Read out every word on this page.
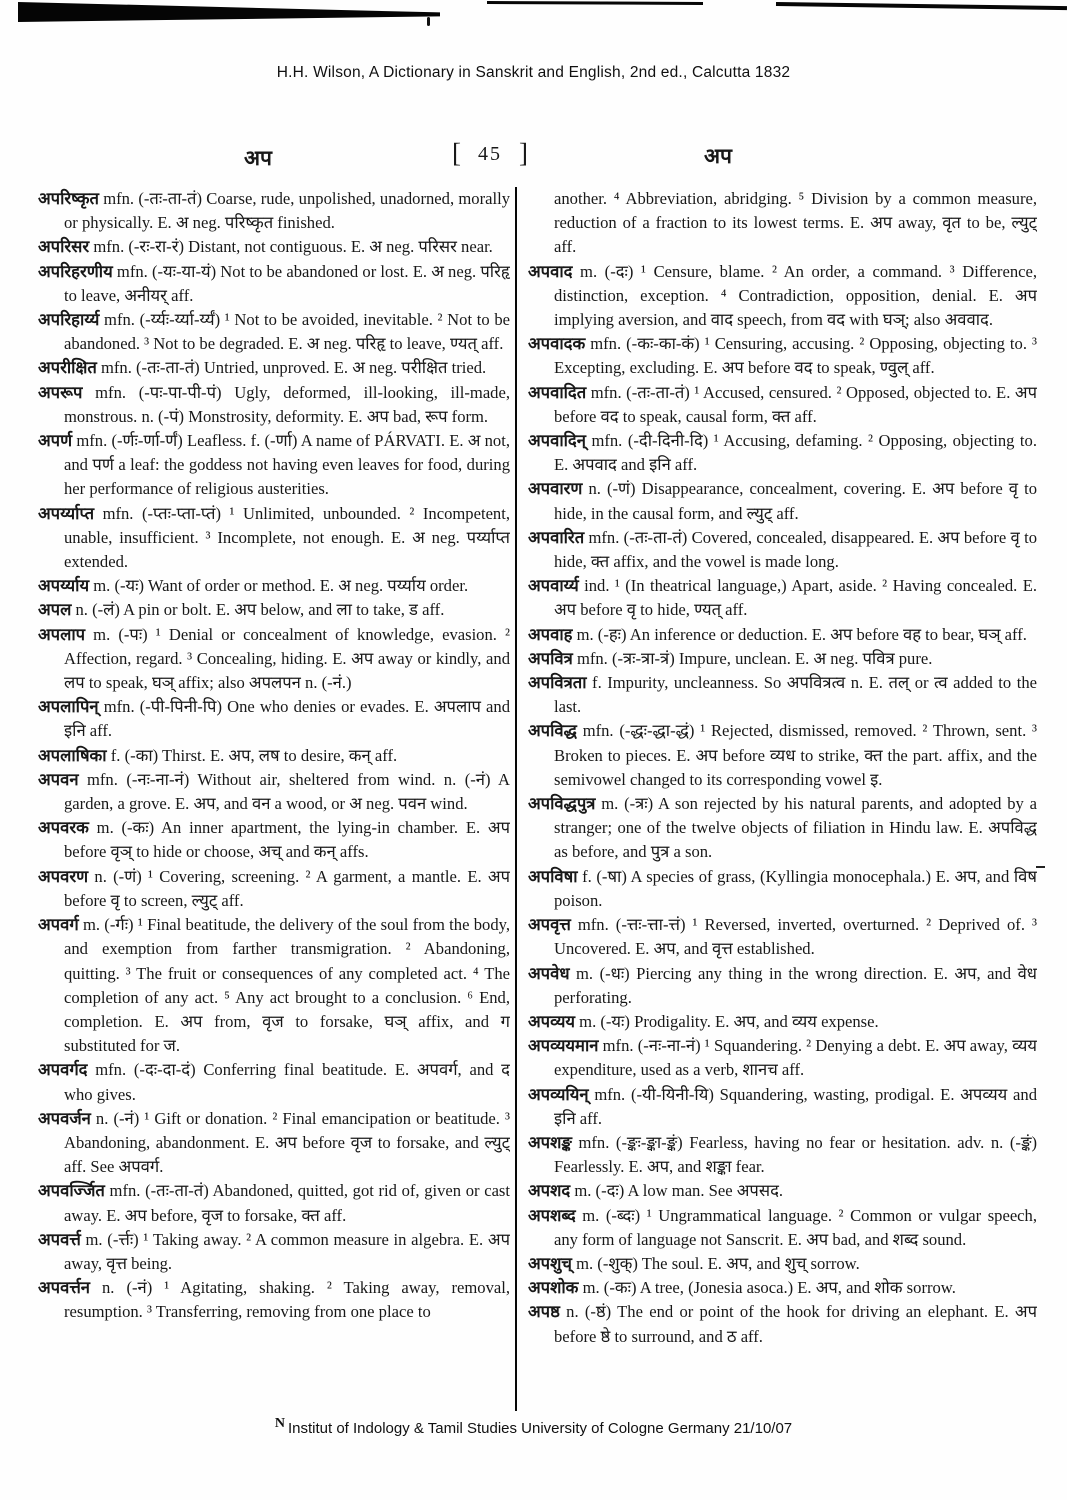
H.H. Wilson, A Dictionary in Sanskrit and English, 2nd ed., Calcutta 1832
अप	[ 45 ]	अप

अपरिष्कृत mfn. (-तः-ता-तं) Coarse, rude, unpolished, unadorned, morally or physically. E. अ neg. परिष्कृत finished.

अपरिसर mfn. (-रः-रा-रं) Distant, not contiguous. E. अ neg. परिसर near.

अपरिहरणीय mfn. (-यः-या-यं) Not to be abandoned or lost. E. अ neg. परिहृ to leave, अनीयर् aff.

अपरिहार्य्य mfn. (-र्य्यः-र्य्या-र्य्यं) ¹ Not to be avoided, inevitable. ² Not to be abandoned. ³ Not to be degraded. E. अ neg. परिहृ to leave, ण्यत् aff.

अपरीक्षित mfn. (-तः-ता-तं) Untried, unproved. E. अ neg. परीक्षित tried.

अपरूप mfn. (-पः-पा-पी-पं) Ugly, deformed, ill-looking, ill-made, monstrous. n. (-पं) Monstrosity, deformity. E. अप bad, रूप form.

अपर्ण mfn. (-र्णः-र्णा-र्णं) Leafless. f. (-र्णा) A name of PÁRVATI. E. अ not, and पर्ण a leaf: the goddess not having even leaves for food, during her performance of religious austerities.

अपर्य्याप्त mfn. (-प्तः-प्ता-प्तं) ¹ Unlimited, unbounded. ² Incompetent, unable, insufficient. ³ Incomplete, not enough. E. अ neg. पर्य्याप्त extended.

अपर्य्याय m. (-यः) Want of order or method. E. अ neg. पर्य्याय order.

अपल n. (-लं) A pin or bolt. E. अप below, and ला to take, ड aff.

अपलाप m. (-पः) ¹ Denial or concealment of knowledge, evasion. ² Affection, regard. ³ Concealing, hiding. E. अप away or kindly, and लप to speak, घञ् affix; also अपलपन n. (-नं.)

अपलापिन् mfn. (-पी-पिनी-पि) One who denies or evades. E. अपलाप and इनि aff.

अपलाषिका f. (-का) Thirst. E. अप, लष to desire, कन् aff.

अपवन mfn. (-नः-ना-नं) Without air, sheltered from wind. n. (-नं) A garden, a grove. E. अप, and वन a wood, or अ neg. पवन wind.

अपवरक m. (-कः) An inner apartment, the lying-in chamber. E. अप before वृञ् to hide or choose, अच् and कन् affs.

अपवरण n. (-णं) ¹ Covering, screening. ² A garment, a mantle. E. अप before वृ to screen, ल्युट् aff.

अपवर्ग m. (-र्गः) ¹ Final beatitude, the delivery of the soul from the body, and exemption from farther transmigration. ² Abandoning, quitting. ³ The fruit or consequences of any completed act. ⁴ The completion of any act. ⁵ Any act brought to a conclusion. ⁶ End, completion. E. अप from, वृज to forsake, घञ् affix, and ग substituted for ज.

अपवर्गद mfn. (-दः-दा-दं) Conferring final beatitude. E. अपवर्ग, and द who gives.

अपवर्जन n. (-नं) ¹ Gift or donation. ² Final emancipation or beatitude. ³ Abandoning, abandonment. E. अप before वृज to forsake, and ल्युट् aff. See अपवर्ग.

अपवर्ज्जित mfn. (-तः-ता-तं) Abandoned, quitted, got rid of, given or cast away. E. अप before, वृज to forsake, क्त aff.

अपवर्त्त m. (-र्त्तः) ¹ Taking away. ² A common measure in algebra. E. अप away, वृत्त being.

अपवर्त्तन n. (-नं) ¹ Agitating, shaking. ² Taking away, removal, resumption. ³ Transferring, removing from one place to

another. ⁴ Abbreviation, abridging. ⁵ Division by a common measure, reduction of a fraction to its lowest terms. E. अप away, वृत to be, ल्युट् aff.

अपवाद m. (-दः) ¹ Censure, blame. ² An order, a command. ³ Difference, distinction, exception. ⁴ Contradiction, opposition, denial. E. अप implying aversion, and वाद speech, from वद with घञ्; also अववाद.

अपवादक mfn. (-कः-का-कं) ¹ Censuring, accusing. ² Opposing, objecting to. ³ Excepting, excluding. E. अप before वद to speak, ण्वुल् aff.

अपवादित mfn. (-तः-ता-तं) ¹ Accused, censured. ² Opposed, objected to. E. अप before वद to speak, causal form, क्त aff.

अपवादिन् mfn. (-दी-दिनी-दि) ¹ Accusing, defaming. ² Opposing, objecting to. E. अपवाद and इनि aff.

अपवारण n. (-णं) Disappearance, concealment, covering. E. अप before वृ to hide, in the causal form, and ल्युट् aff.

अपवारित mfn. (-तः-ता-तं) Covered, concealed, disappeared. E. अप before वृ to hide, क्त affix, and the vowel is made long.

अपवार्य्य ind. ¹ (In theatrical language,) Apart, aside. ² Having concealed. E. अप before वृ to hide, ण्यत् aff.

अपवाह m. (-हः) An inference or deduction. E. अप before वह to bear, घञ् aff.

अपवित्र mfn. (-त्रः-त्रा-त्रं) Impure, unclean. E. अ neg. पवित्र pure.

अपवित्रता f. Impurity, uncleanness. So अपवित्रत्व n. E. तल् or त्व added to the last.

अपविद्ध mfn. (-द्धः-द्धा-द्धं) ¹ Rejected, dismissed, removed. ² Thrown, sent. ³ Broken to pieces. E. अप before व्यध to strike, क्त the part. affix, and the semivowel changed to its corresponding vowel इ.

अपविद्धपुत्र m. (-त्रः) A son rejected by his natural parents, and adopted by a stranger; one of the twelve objects of filiation in Hindu law. E. अपविद्ध as before, and पुत्र a son.

अपविषा f. (-षा) A species of grass, (Kyllingia monocephala.) E. अप, and विष poison.

अपवृत्त mfn. (-त्तः-त्ता-त्तं) ¹ Reversed, inverted, overturned. ² Deprived of. ³ Uncovered. E. अप, and वृत्त established.

अपवेध m. (-धः) Piercing any thing in the wrong direction. E. अप, and वेध perforating.

अपव्यय m. (-यः) Prodigality. E. अप, and व्यय expense.

अपव्ययमान mfn. (-नः-ना-नं) ¹ Squandering. ² Denying a debt. E. अप away, व्यय expenditure, used as a verb, शानच aff.

अपव्ययिन् mfn. (-यी-यिनी-यि) Squandering, wasting, prodigal. E. अपव्यय and इनि aff.

अपशङ्क mfn. (-ङ्कः-ङ्का-ङ्कं) Fearless, having no fear or hesitation. adv. n. (-ङ्कं) Fearlessly. E. अप, and शङ्का fear.

अपशद m. (-दः) A low man. See अपसद.

अपशब्द m. (-ब्दः) ¹ Ungrammatical language. ² Common or vulgar speech, any form of language not Sanscrit. E. अप bad, and शब्द sound.

अपशुच् m. (-शुक्) The soul. E. अप, and शुच् sorrow.

अपशोक m. (-कः) A tree, (Jonesia asoca.) E. अप, and शोक sorrow.

अपष्ठ n. (-ष्ठं) The end or point of the hook for driving an elephant. E. अप before ष्ठे to surround, and ठ aff.

N Institut of Indology & Tamil Studies University of Cologne Germany 21/10/07
